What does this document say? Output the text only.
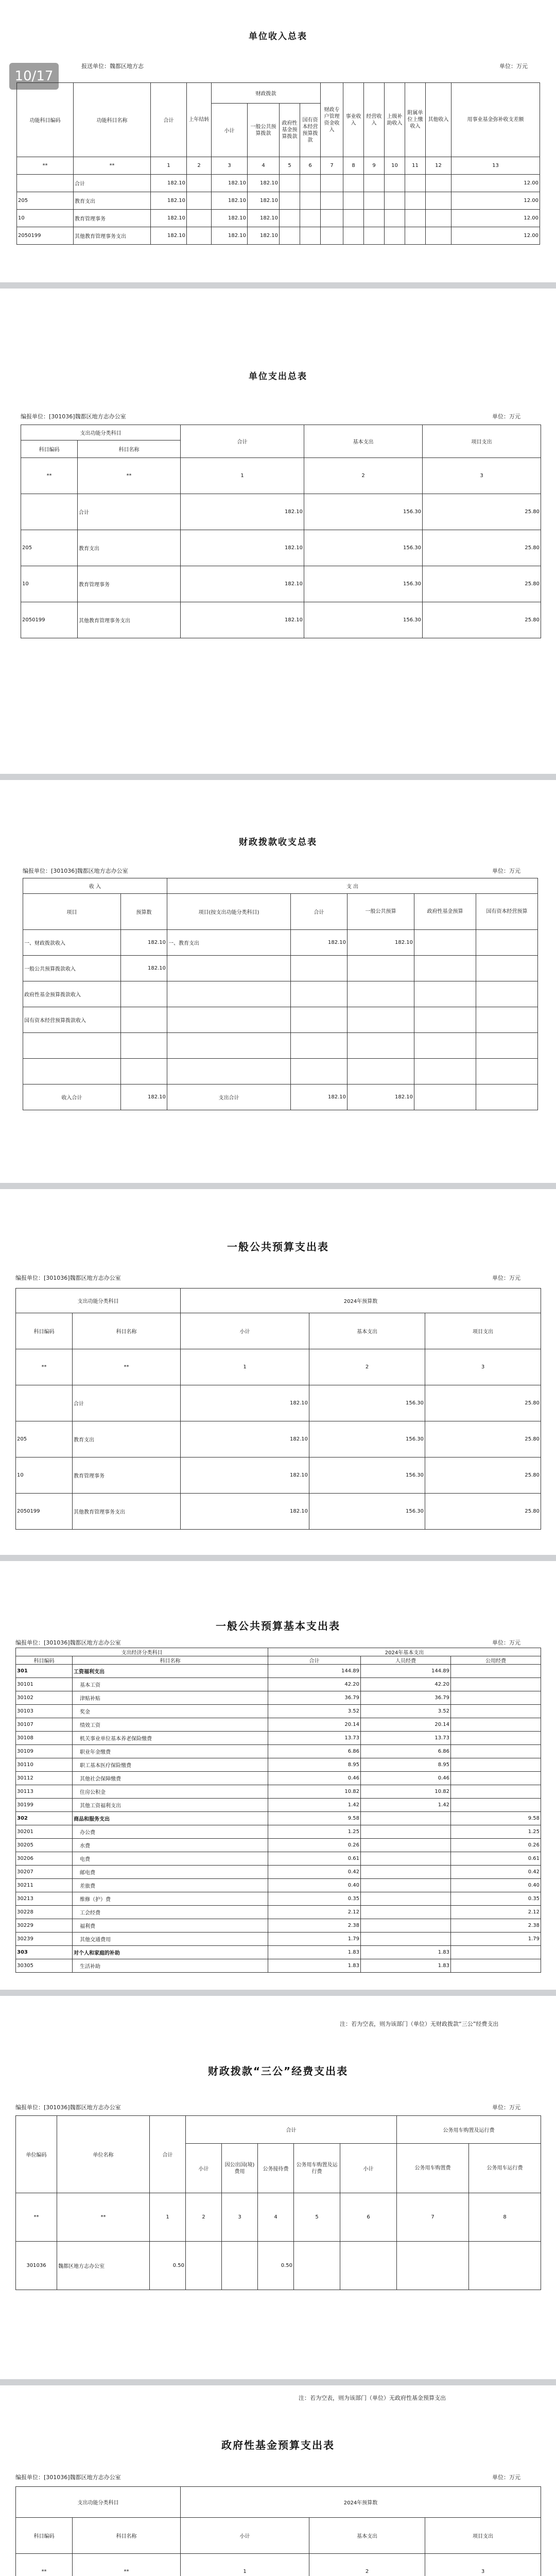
10/17
单位收入总表
报送单位：魏都区地方志	单位：万元
功能科目编码	功能科目名称	合计	上年结转	财政拨款				财政专户管理资金收入	事业收入	经营收入	上级补助收入	附属单位上缴收入	其他收入	用事业基金弥补收支差额
				小计	一般公共预算拨款	政府性基金预算拨款	国有资本经营预算拨款							
**	**	1	2	3	4	5	6	7	8	9	10	11	12	13
	合计	182.10		182.10	182.10									12.00
205	教育支出	182.10		182.10	182.10									12.00
10	教育管理事务	182.10		182.10	182.10									12.00
2050199	其他教育管理事务支出	182.10		182.10	182.10									12.00
单位支出总表
编报单位：[301036]魏都区地方志办公室	单位：万元
支出功能分类科目		合计	基本支出	项目支出
科目编码	科目名称			
**	**	1	2	3
	合计	182.10	156.30	25.80
205	教育支出	182.10	156.30	25.80
10	教育管理事务	182.10	156.30	25.80
2050199	其他教育管理事务支出	182.10	156.30	25.80
财政拨款收支总表
编报单位：[301036]魏都区地方志办公室	单位：万元
收 入		支 出				
项目	预算数	项目(按支出功能分类科目)	合计	一般公共预算	政府性基金预算	国有资本经营预算
一、财政拨款收入	182.10	一、教育支出	182.10	182.10		
一般公共预算拨款收入	182.10					
政府性基金预算拨款收入						
国有资本经营预算拨款收入						

收入合计	182.10	支出合计	182.10	182.10		
一般公共预算支出表
编报单位：[301036]魏都区地方志办公室	单位：万元
支出功能分类科目		2024年预算数		
科目编码	科目名称	小计	基本支出	项目支出
**	**	1	2	3
	合计	182.10	156.30	25.80
205	教育支出	182.10	156.30	25.80
10	教育管理事务	182.10	156.30	25.80
2050199	其他教育管理事务支出	182.10	156.30	25.80
一般公共预算基本支出表
编报单位：[301036]魏都区地方志办公室	单位：万元
支出经济分类科目		2024年基本支出		
科目编码	科目名称	合计	人员经费	公用经费
301	工资福利支出	144.89	144.89	
30101	基本工资	42.20	42.20	
30102	津贴补贴	36.79	36.79	
30103	奖金	3.52	3.52	
30107	绩效工资	20.14	20.14	
30108	机关事业单位基本养老保险缴费	13.73	13.73	
30109	职业年金缴费	6.86	6.86	
30110	职工基本医疗保险缴费	8.95	8.95	
30112	其他社会保障缴费	0.46	0.46	
30113	住房公积金	10.82	10.82	
30199	其他工资福利支出	1.42	1.42	
302	商品和服务支出	9.58		9.58
30201	办公费	1.25		1.25
30205	水费	0.26		0.26
30206	电费	0.61		0.61
30207	邮电费	0.42		0.42
30211	差旅费	0.40		0.40
30213	维修（护）费	0.35		0.35
30228	工会经费	2.12		2.12
30229	福利费	2.38		2.38
30239	其他交通费用	1.79		1.79
303	对个人和家庭的补助	1.83	1.83	
30305	生活补助	1.83	1.83	
财政拨款“三公”经费支出表
注：若为空表，则为该部门（单位）无财政拨款“三公”经费支出
编报单位：[301036]魏都区地方志办公室	单位：万元
单位编码	单位名称	合计	合计					公务用车购置及运行费	
			小计	因公出国(境)费用	公务接待费	公务用车购置及运行费	小计	公务用车购置费	公务用车运行费
**	**	1	2	3	4	5	6	7	8
301036	魏都区地方志办公室	0.50			0.50				
注：若为空表，则为该部门（单位）无政府性基金预算支出
政府性基金预算支出表
编报单位：[301036]魏都区地方志办公室	单位：万元
支出功能分类科目		2024年预算数		
科目编码	科目名称	小计	基本支出	项目支出
**	**	1	2	3
